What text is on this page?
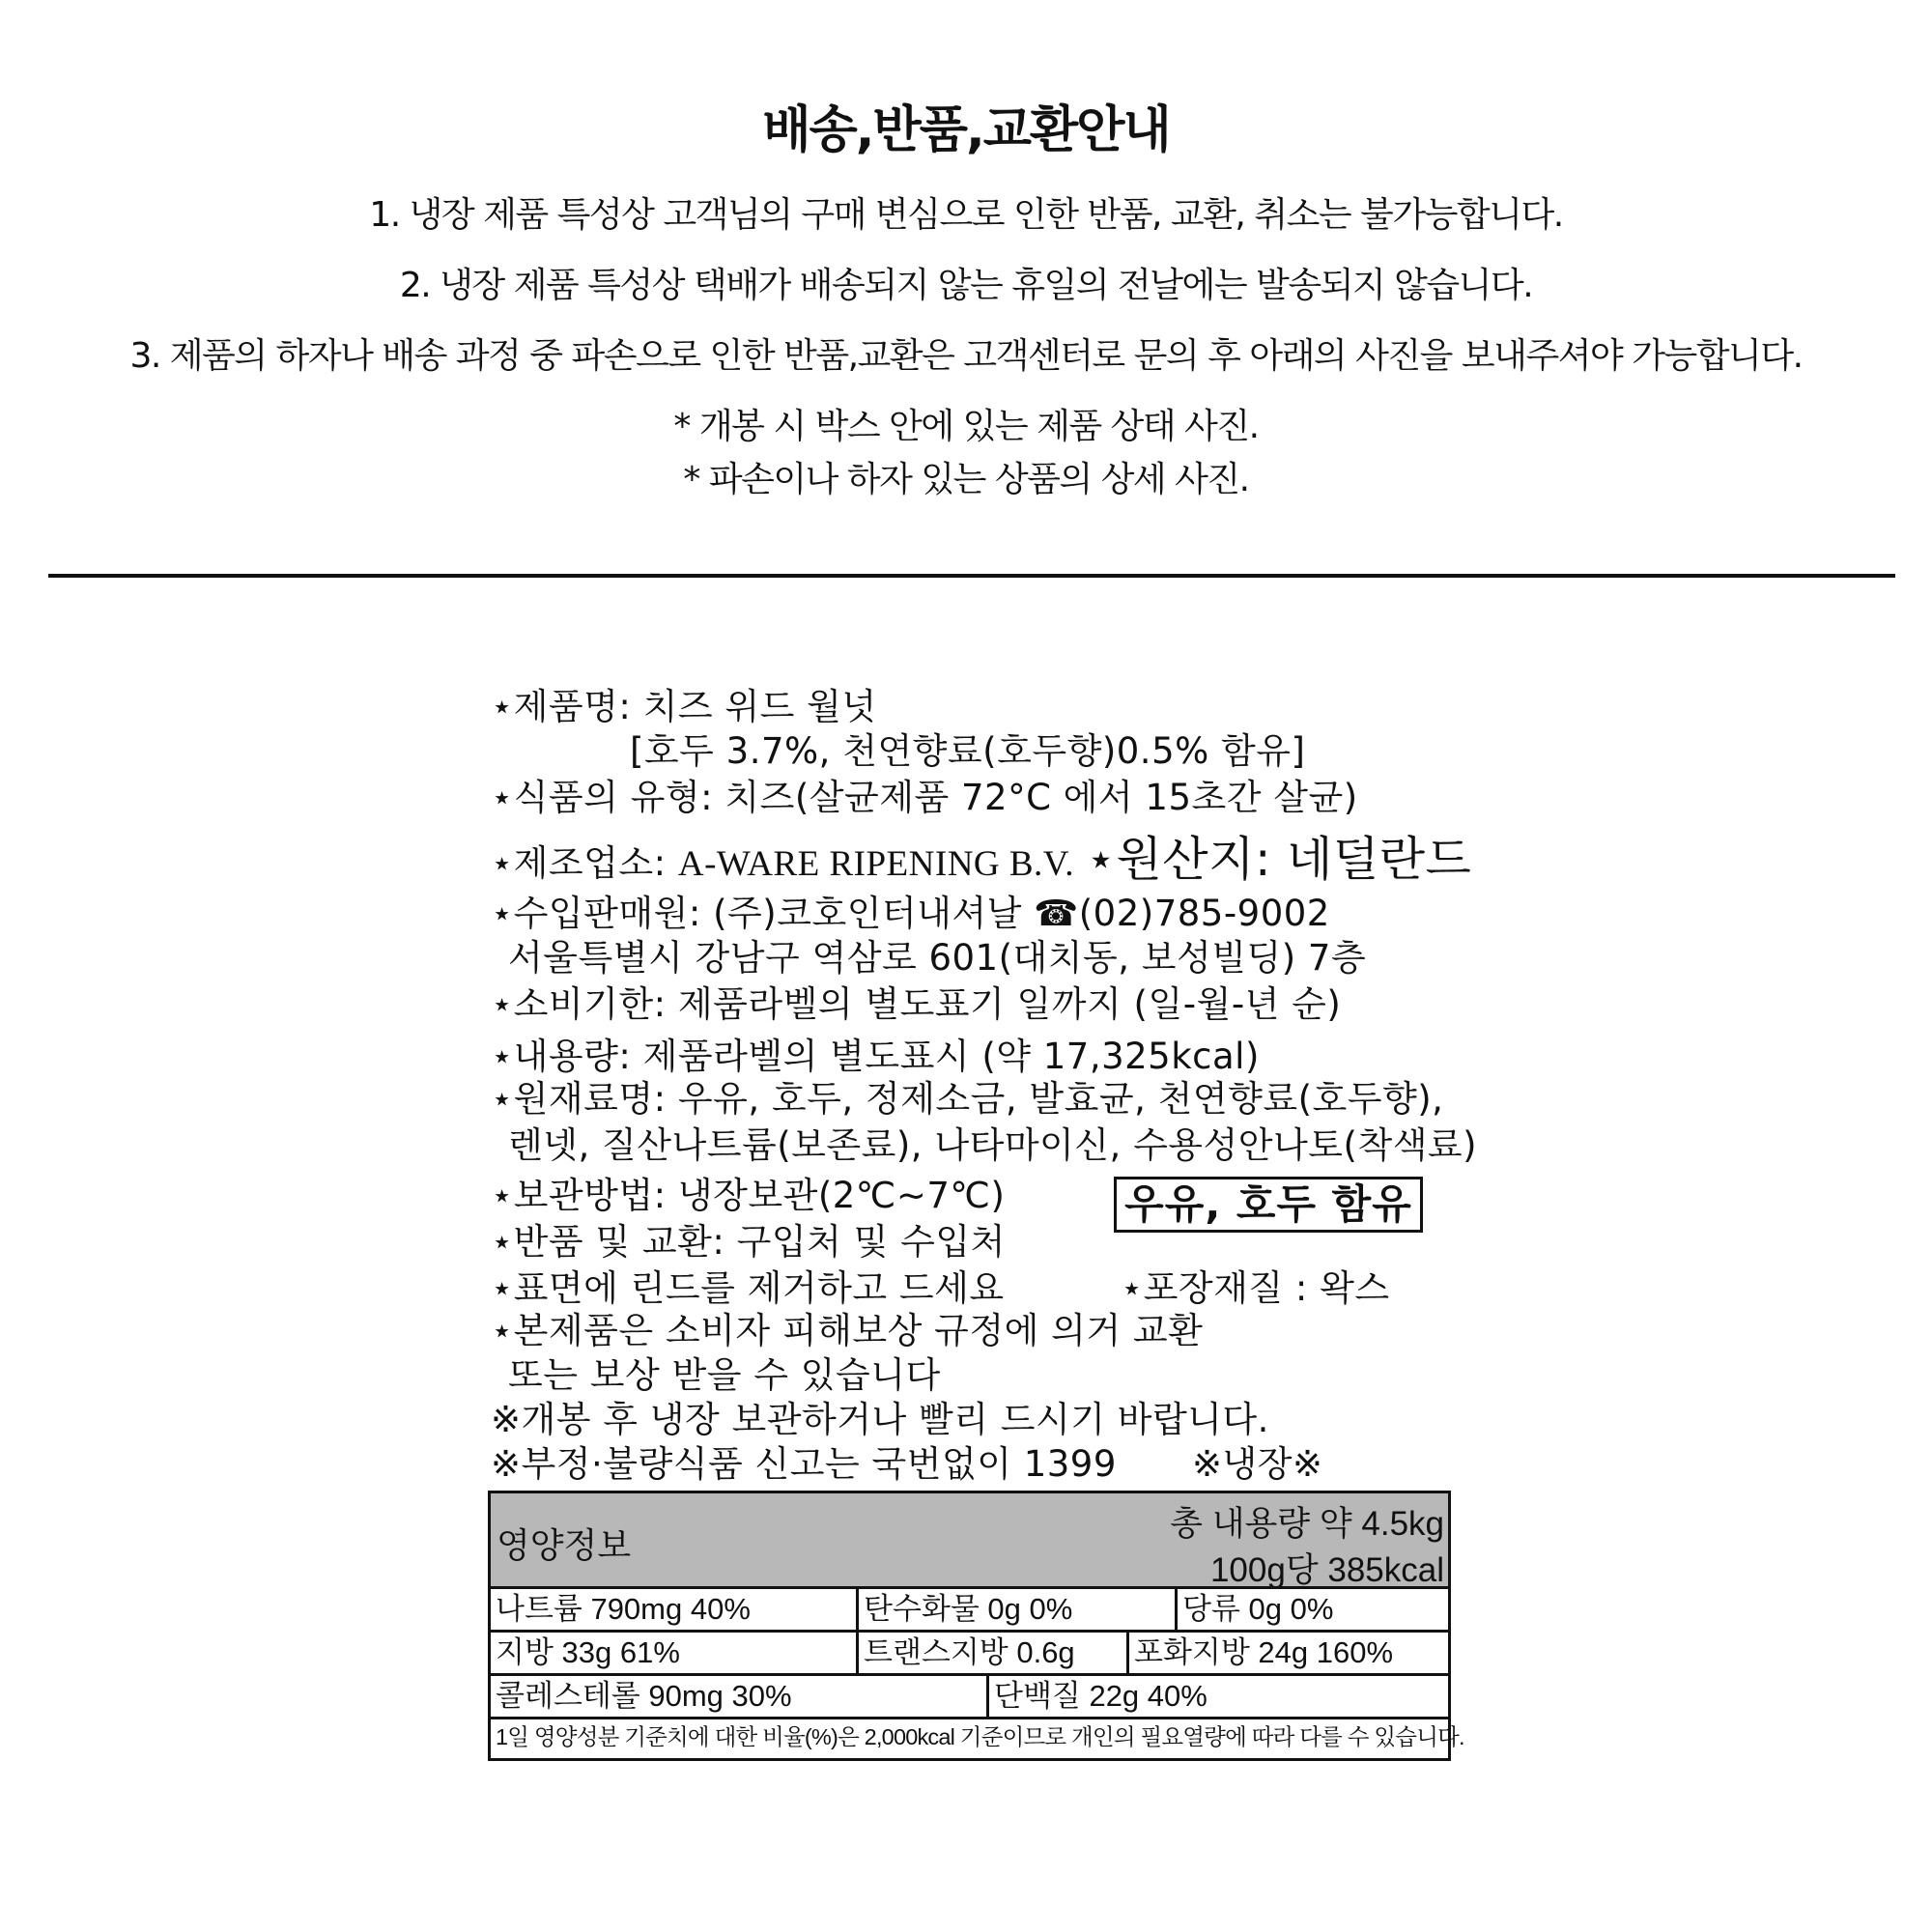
배송,반품,교환안내
1. 냉장 제품 특성상 고객님의 구매 변심으로 인한 반품, 교환, 취소는 불가능합니다.
2. 냉장 제품 특성상 택배가 배송되지 않는 휴일의 전날에는 발송되지 않습니다.
3. 제품의 하자나 배송 과정 중 파손으로 인한 반품,교환은 고객센터로 문의 후 아래의 사진을 보내주셔야 가능합니다.
* 개봉 시 박스 안에 있는 제품 상태 사진.
* 파손이나 하자 있는 상품의 상세 사진.
⋆제품명: 치즈 위드 월넛
[호두 3.7%, 천연향료(호두향)0.5% 함유]
⋆식품의 유형: 치즈(살균제품 72°C 에서 15초간 살균)
⋆제조업소: A-WARE RIPENING B.V. ⋆원산지: 네덜란드
⋆수입판매원: (주)코호인터내셔날 ☎(02)785-9002
서울특별시 강남구 역삼로 601(대치동, 보성빌딩) 7층
⋆소비기한: 제품라벨의 별도표기 일까지 (일-월-년 순)
⋆내용량: 제품라벨의 별도표시 (약 17,325kcal)
⋆원재료명: 우유, 호두, 정제소금, 발효균, 천연향료(호두향),
렌넷, 질산나트륨(보존료), 나타마이신, 수용성안나토(착색료)
⋆보관방법: 냉장보관(2℃~7℃)	우유, 호두 함유
⋆반품 및 교환: 구입처 및 수입처
⋆표면에 린드를 제거하고 드세요	⋆포장재질 : 왁스
⋆본제품은 소비자 피해보상 규정에 의거 교환
또는 보상 받을 수 있습니다
※개봉 후 냉장 보관하거나 빨리 드시기 바랍니다.
※부정·불량식품 신고는 국번없이 1399 ※냉장※
영양정보
총 내용량 약 4.5kg
100g당 385kcal
나트륨 790mg 40%	탄수화물 0g 0%	당류 0g 0%
지방 33g 61%	트랜스지방 0.6g	포화지방 24g 160%
콜레스테롤 90mg 30%	단백질 22g 40%
1일 영양성분 기준치에 대한 비율(%)은 2,000kcal 기준이므로 개인의 필요열량에 따라 다를 수 있습니다.
